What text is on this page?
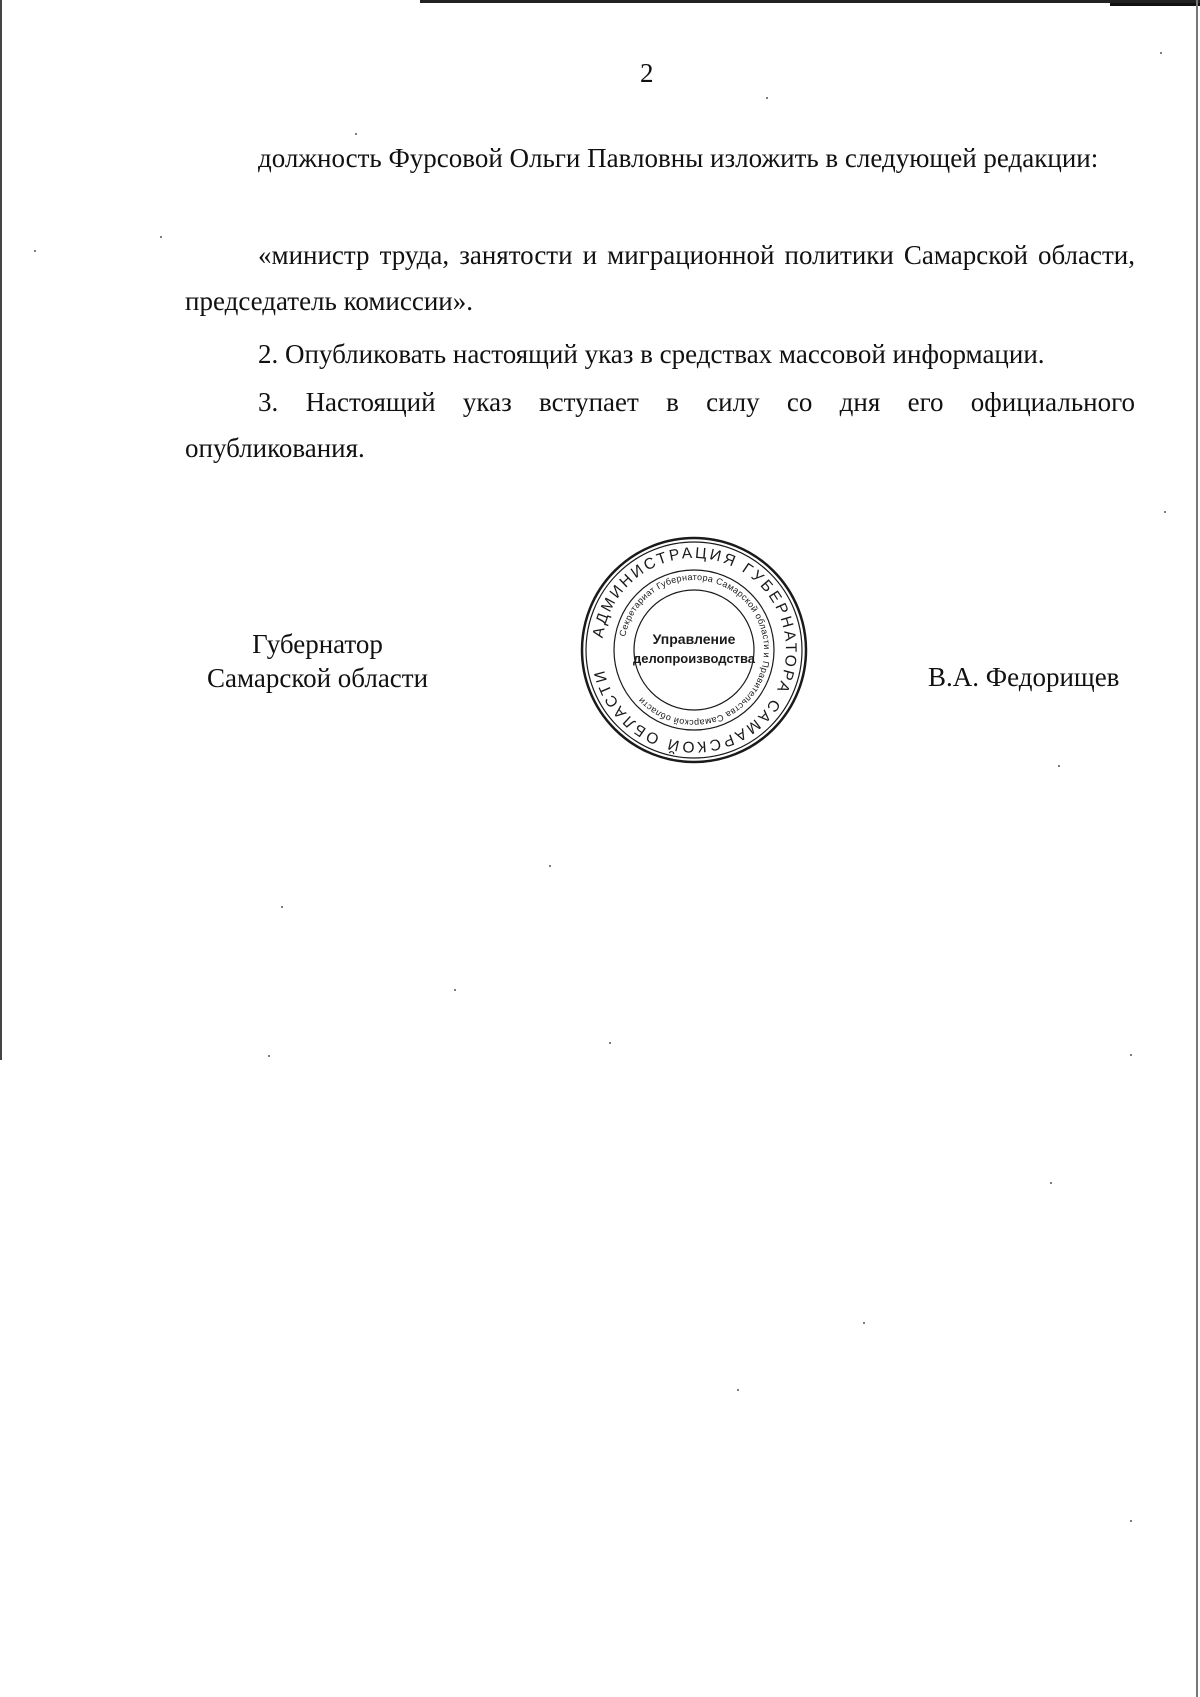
2

должность Фурсовой Ольги Павловны изложить в следующей редакции:

«министр труда, занятости и миграционной политики Самарской области, председатель комиссии».

2. Опубликовать настоящий указ в средствах массовой информации.

3. Настоящий указ вступает в силу со дня его официального опубликования.

Губернатор
Самарской области	В.А. Федорищев
АДМИНИСТРАЦИЯ ГУБЕРНАТОРА САМАРСКОЙ ОБЛАСТИ
Секретариат Губернатора Самарской области и Правительства Самарской области
Управление
делопроизводства
